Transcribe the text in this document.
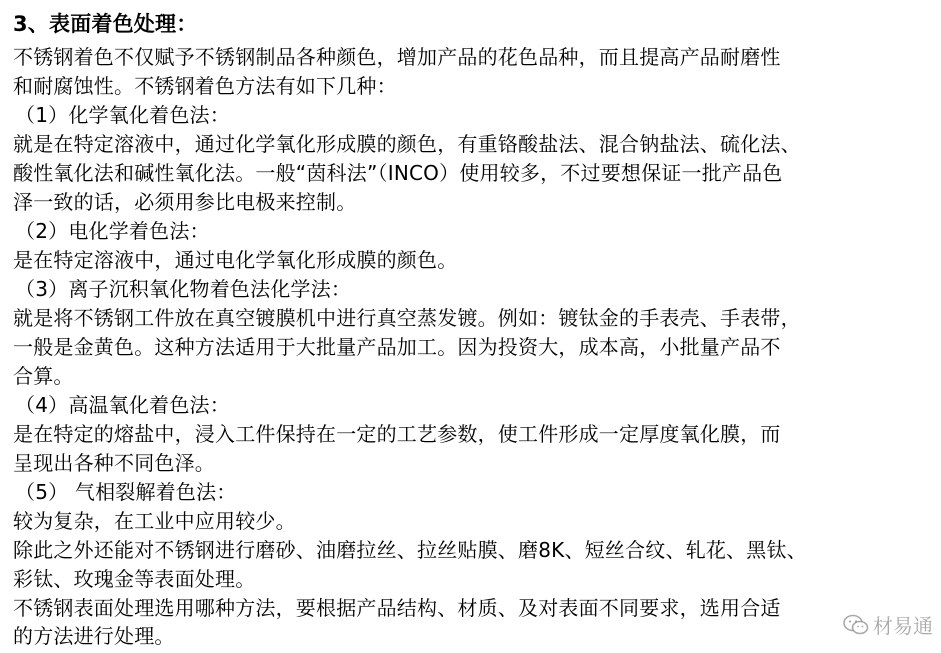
3、表面着色处理：
不锈钢着色不仅赋予不锈钢制品各种颜色，增加产品的花色品种，而且提高产品耐磨性
和耐腐蚀性。不锈钢着色方法有如下几种：
（1）化学氧化着色法：
就是在特定溶液中，通过化学氧化形成膜的颜色，有重铬酸盐法、混合钠盐法、硫化法、
酸性氧化法和碱性氧化法。一般“茵科法”（INCO）使用较多，不过要想保证一批产品色
泽一致的话，必须用参比电极来控制。
（2）电化学着色法：
是在特定溶液中，通过电化学氧化形成膜的颜色。
（3）离子沉积氧化物着色法化学法：
就是将不锈钢工件放在真空镀膜机中进行真空蒸发镀。例如：镀钛金的手表壳、手表带，
一般是金黄色。这种方法适用于大批量产品加工。因为投资大，成本高，小批量产品不
合算。
（4）高温氧化着色法：
是在特定的熔盐中，浸入工件保持在一定的工艺参数，使工件形成一定厚度氧化膜，而
呈现出各种不同色泽。
（5） 气相裂解着色法：
较为复杂，在工业中应用较少。
除此之外还能对不锈钢进行磨砂、油磨拉丝、拉丝贴膜、磨8K、短丝合纹、轧花、黑钛、
彩钛、玫瑰金等表面处理。
不锈钢表面处理选用哪种方法，要根据产品结构、材质、及对表面不同要求，选用合适
的方法进行处理。	材易通
